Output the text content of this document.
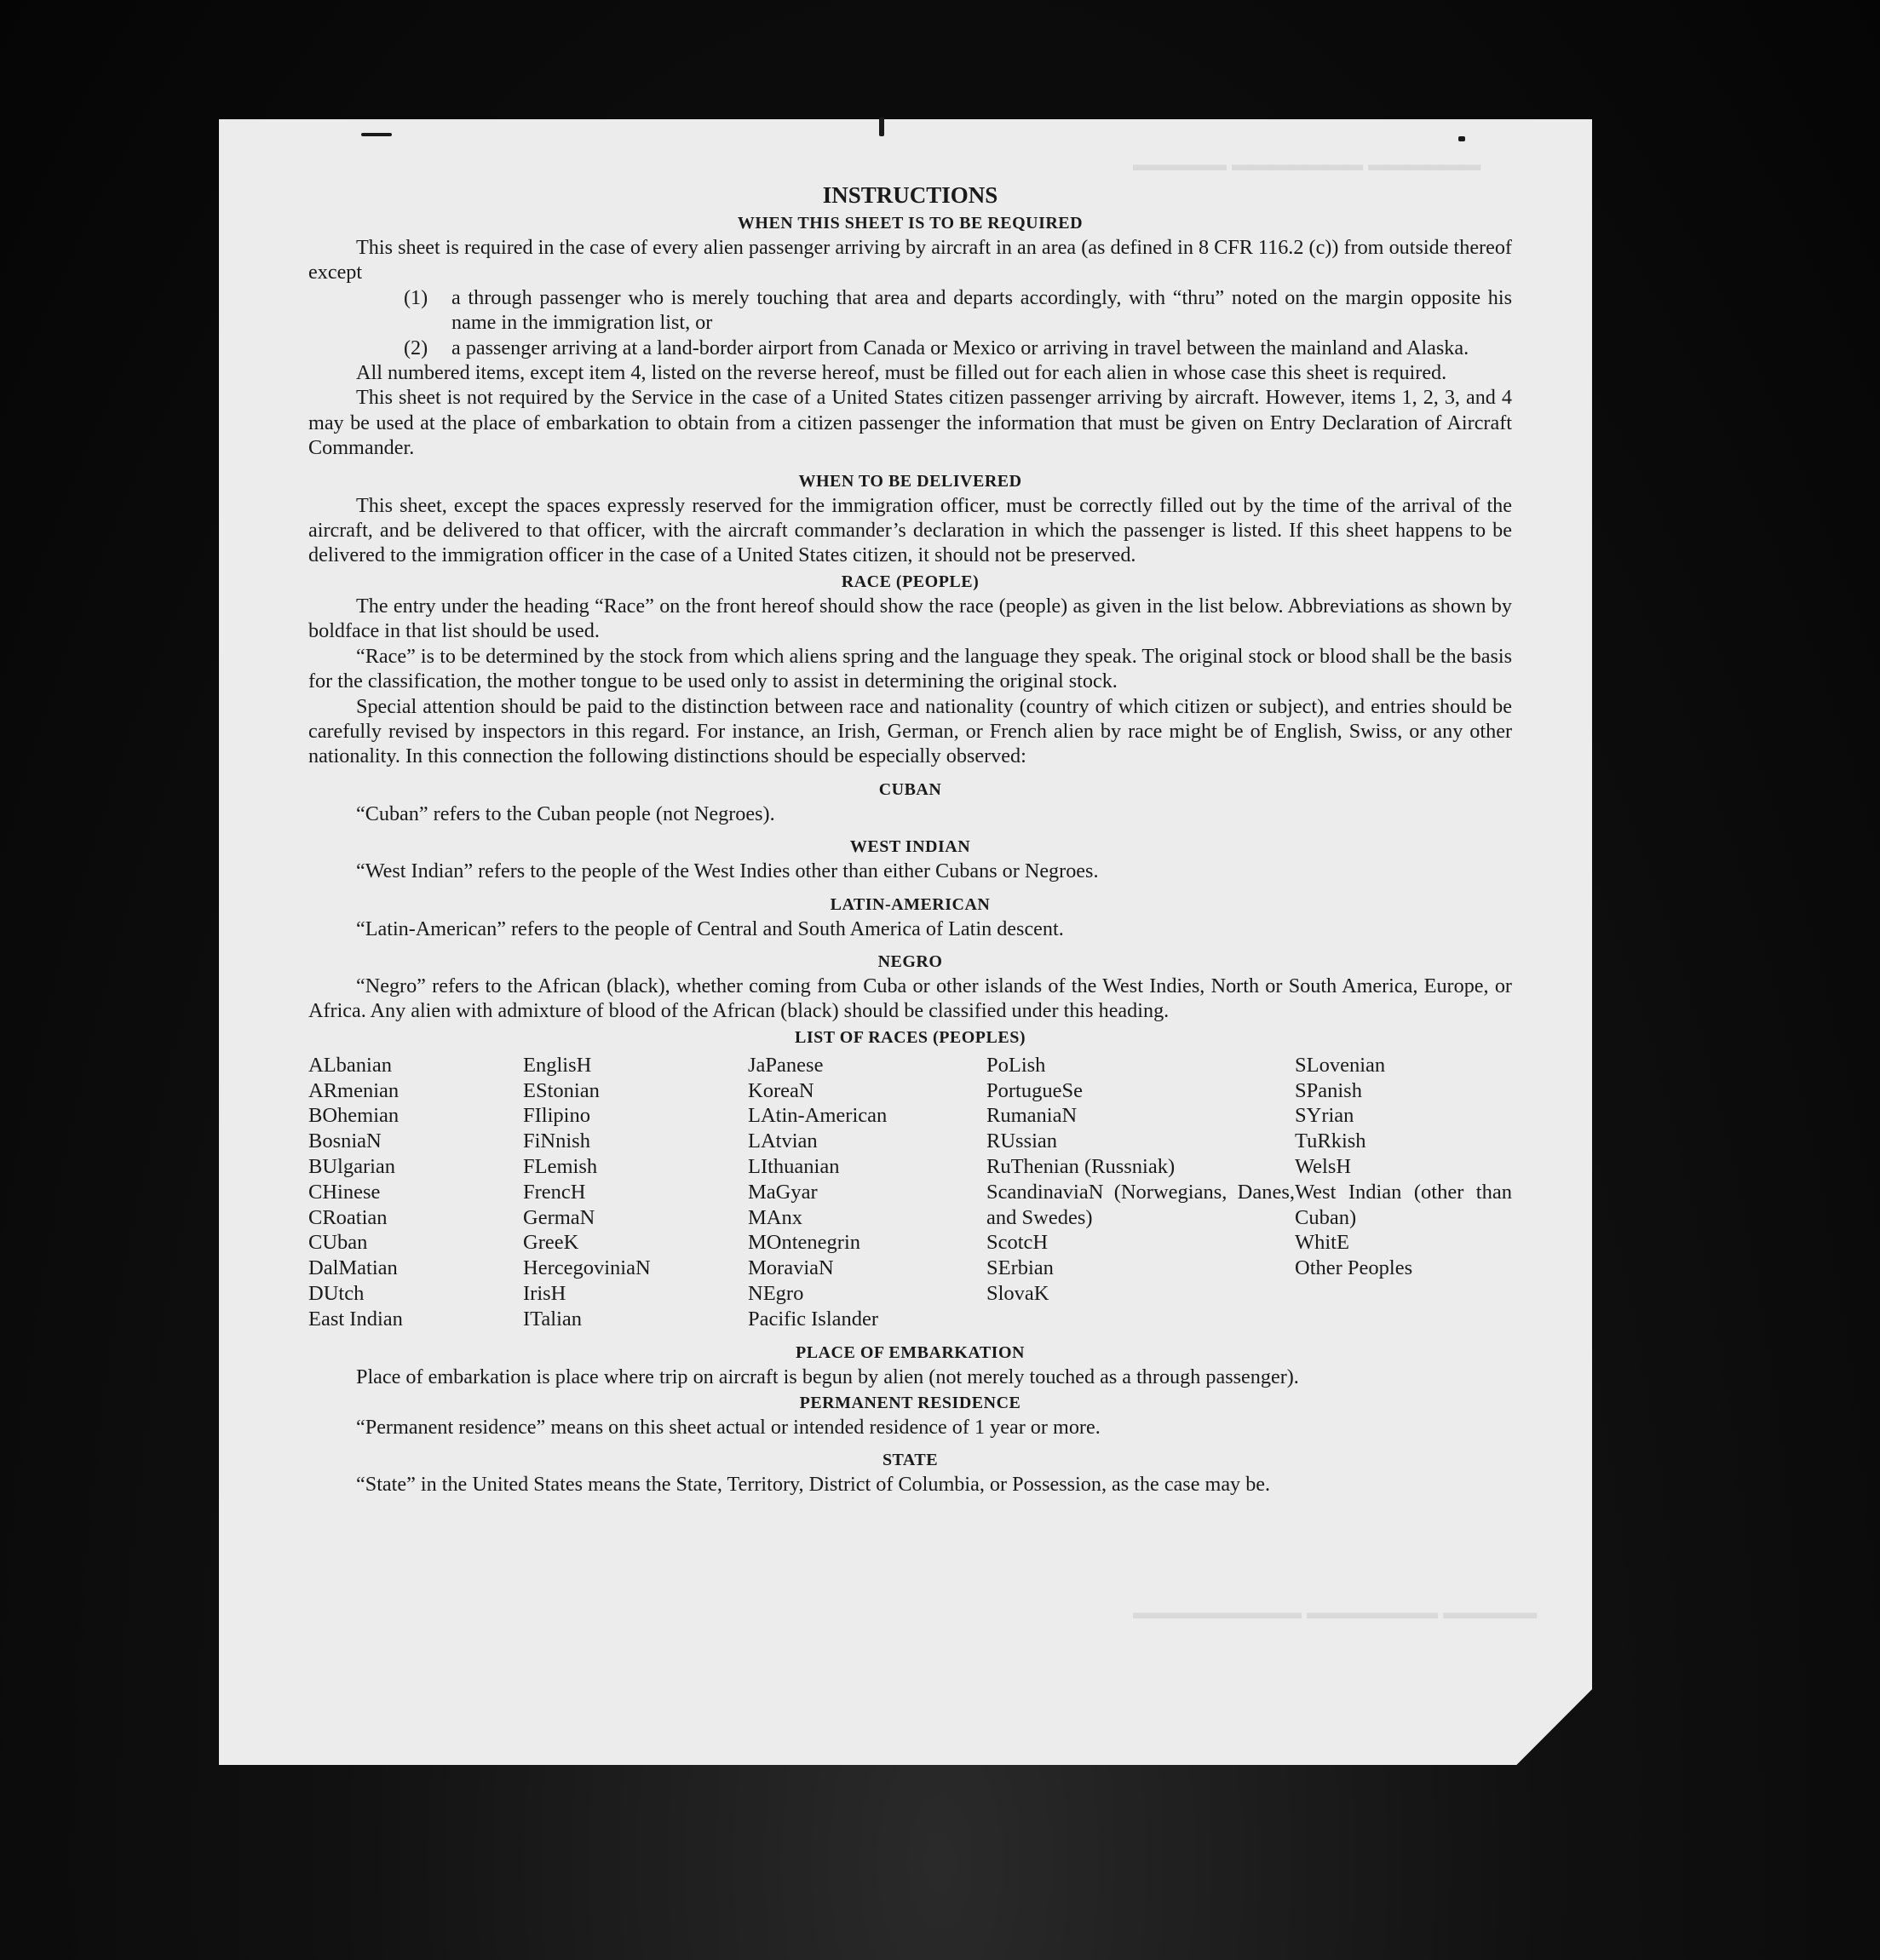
▬▬▬▬▬ ▬▬▬▬▬▬▬ ▬▬▬▬▬▬
▬▬▬▬▬▬▬▬▬ ▬▬▬▬▬▬▬ ▬▬▬▬▬
INSTRUCTIONS
WHEN THIS SHEET IS TO BE REQUIRED

This sheet is required in the case of every alien passenger arriving by aircraft in an area (as defined in 8 CFR 116.2 (c)) from outside thereof except

(1)	a through passenger who is merely touching that area and departs accordingly, with “thru” noted on the margin opposite his name in the immigration list, or
(2)	a passenger arriving at a land-border airport from Canada or Mexico or arriving in travel between the mainland and Alaska.

All numbered items, except item 4, listed on the reverse hereof, must be filled out for each alien in whose case this sheet is required.

This sheet is not required by the Service in the case of a United States citizen passenger arriving by aircraft. However, items 1, 2, 3, and 4 may be used at the place of embarkation to obtain from a citizen passenger the information that must be given on Entry Declaration of Aircraft Commander.

WHEN TO BE DELIVERED

This sheet, except the spaces expressly reserved for the immigration officer, must be correctly filled out by the time of the arrival of the aircraft, and be delivered to that officer, with the aircraft commander’s declaration in which the passenger is listed. If this sheet happens to be delivered to the immigration officer in the case of a United States citizen, it should not be preserved.

RACE (PEOPLE)

The entry under the heading “Race” on the front hereof should show the race (people) as given in the list below. Abbreviations as shown by boldface in that list should be used.

“Race” is to be determined by the stock from which aliens spring and the language they speak. The original stock or blood shall be the basis for the classification, the mother tongue to be used only to assist in determining the original stock.

Special attention should be paid to the distinction between race and nationality (country of which citizen or subject), and entries should be carefully revised by inspectors in this regard. For instance, an Irish, German, or French alien by race might be of English, Swiss, or any other nationality. In this connection the following distinctions should be especially observed:

CUBAN

“Cuban” refers to the Cuban people (not Negroes).

WEST INDIAN

“West Indian” refers to the people of the West Indies other than either Cubans or Negroes.

LATIN-AMERICAN

“Latin-American” refers to the people of Central and South America of Latin descent.

NEGRO

“Negro” refers to the African (black), whether coming from Cuba or other islands of the West Indies, North or South America, Europe, or Africa. Any alien with admixture of blood of the African (black) should be classified under this heading.

LIST OF RACES (PEOPLES)
ALbanian
ARmenian
BOhemian
BosniaN
BUlgarian
CHinese
CRoatian
CUban
DalMatian
DUtch
East Indian
EnglisH
EStonian
FIlipino
FiNnish
FLemish
FrencH
GermaN
GreeK
HercegoviniaN
IrisH
ITalian
JaPanese
KoreaN
LAtin-American
LAtvian
LIthuanian
MaGyar
MAnx
MOntenegrin
MoraviaN
NEgro
Pacific Islander
PoLish
PortugueSe
RumaniaN
RUssian
RuThenian (Russniak)
ScandinaviaN (Norwegians, Danes, and Swedes)
ScotcH
SErbian
SlovaK
SLovenian
SPanish
SYrian
TuRkish
WelsH
West Indian (other than Cuban)
WhitE
Other Peoples
PLACE OF EMBARKATION

Place of embarkation is place where trip on aircraft is begun by alien (not merely touched as a through passenger).

PERMANENT RESIDENCE

“Permanent residence” means on this sheet actual or intended residence of 1 year or more.

STATE

“State” in the United States means the State, Territory, District of Columbia, or Possession, as the case may be.
